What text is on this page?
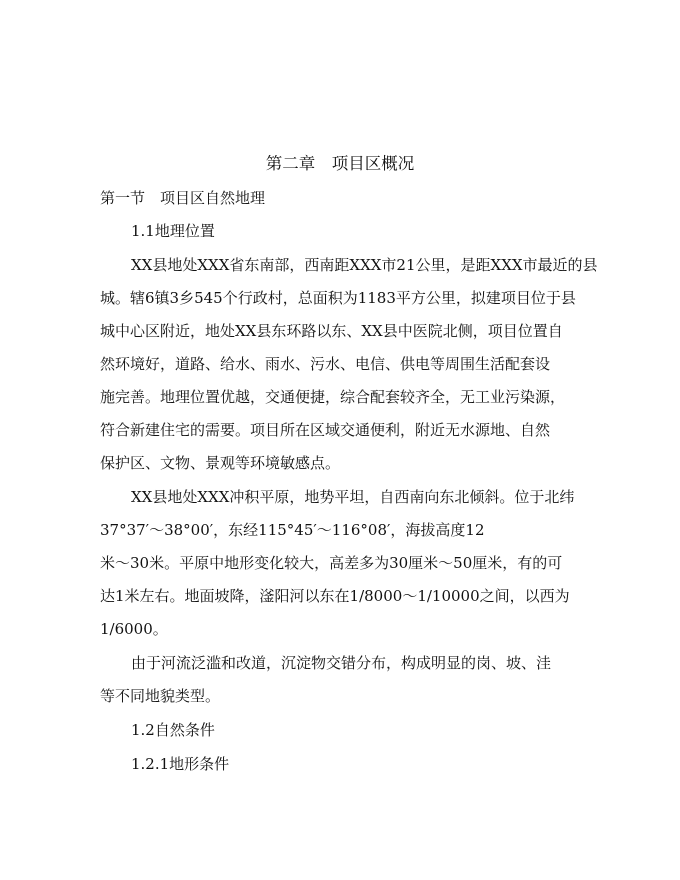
第二章　项目区概况
第一节　项目区自然地理
1.1地理位置
XX县地处XXX省东南部，西南距XXX市21公里，是距XXX市最近的县
城。辖6镇3乡545个行政村，总面积为1183平方公里，拟建项目位于县
城中心区附近，地处XX县东环路以东、XX县中医院北侧，项目位置自
然环境好，道路、给水、雨水、污水、电信、供电等周围生活配套设
施完善。地理位置优越，交通便捷，综合配套较齐全，无工业污染源，
符合新建住宅的需要。项目所在区域交通便利，附近无水源地、自然
保护区、文物、景观等环境敏感点。
XX县地处XXX冲积平原，地势平坦，自西南向东北倾斜。位于北纬
37°37′～38°00′，东经115°45′～116°08′，海拔高度12
米～30米。平原中地形变化较大，高差多为30厘米～50厘米，有的可
达1米左右。地面坡降，滏阳河以东在1/8000～1/10000之间，以西为
1/6000。
由于河流泛滥和改道，沉淀物交错分布，构成明显的岗、坡、洼
等不同地貌类型。
1.2自然条件
1.2.1地形条件
